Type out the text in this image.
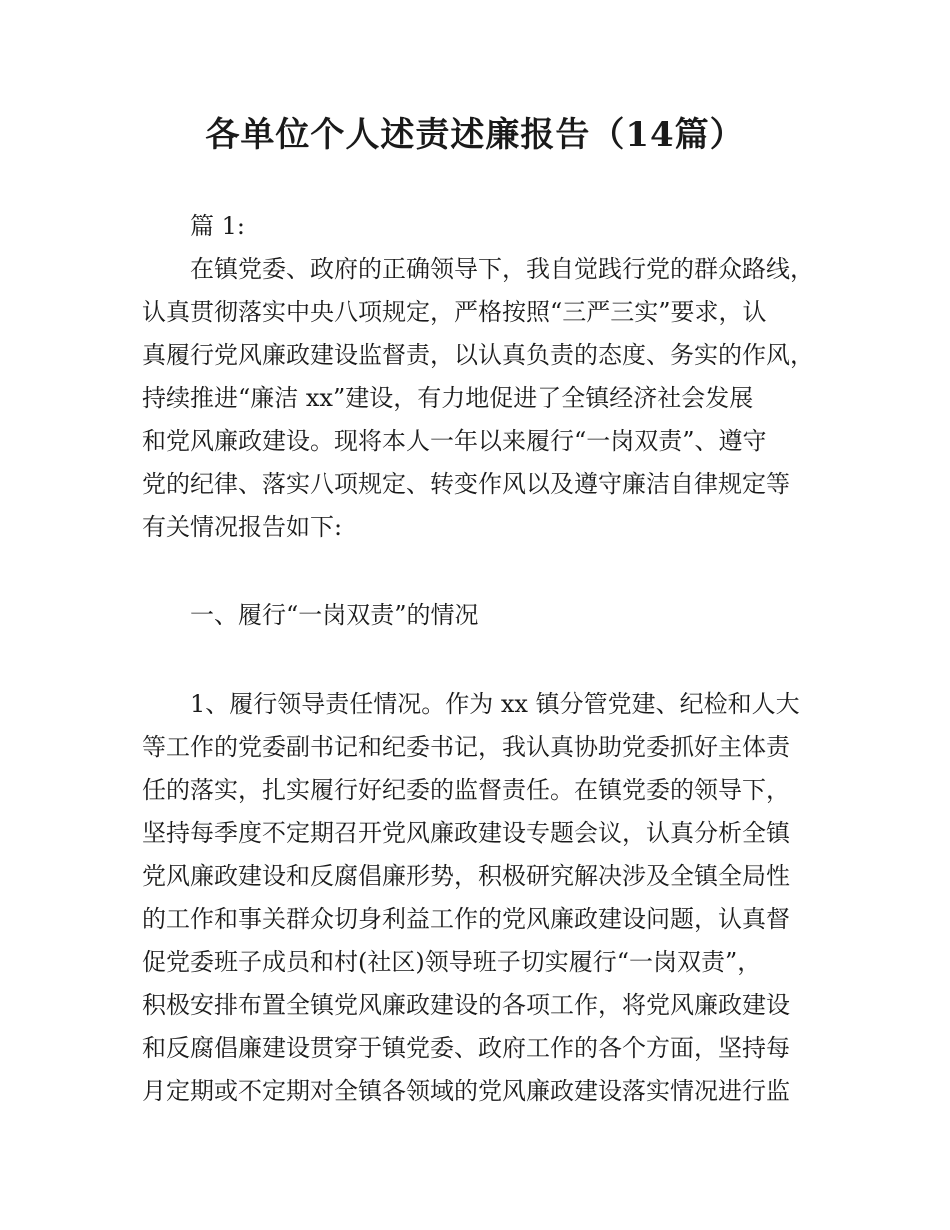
各单位个人述责述廉报告（14篇）
篇 1:
在镇党委、政府的正确领导下，我自觉践行党的群众路线，
认真贯彻落实中央八项规定，严格按照“三严三实”要求，认
真履行党风廉政建设监督责，以认真负责的态度、务实的作风，
持续推进“廉洁 xx”建设，有力地促进了全镇经济社会发展
和党风廉政建设。现将本人一年以来履行“一岗双责”、遵守
党的纪律、落实八项规定、转变作风以及遵守廉洁自律规定等
有关情况报告如下:
一、履行“一岗双责”的情况
1、履行领导责任情况。作为 xx 镇分管党建、纪检和人大
等工作的党委副书记和纪委书记，我认真协助党委抓好主体责
任的落实，扎实履行好纪委的监督责任。在镇党委的领导下，
坚持每季度不定期召开党风廉政建设专题会议，认真分析全镇
党风廉政建设和反腐倡廉形势，积极研究解决涉及全镇全局性
的工作和事关群众切身利益工作的党风廉政建设问题，认真督
促党委班子成员和村(社区)领导班子切实履行“一岗双责”，
积极安排布置全镇党风廉政建设的各项工作，将党风廉政建设
和反腐倡廉建设贯穿于镇党委、政府工作的各个方面，坚持每
月定期或不定期对全镇各领域的党风廉政建设落实情况进行监
